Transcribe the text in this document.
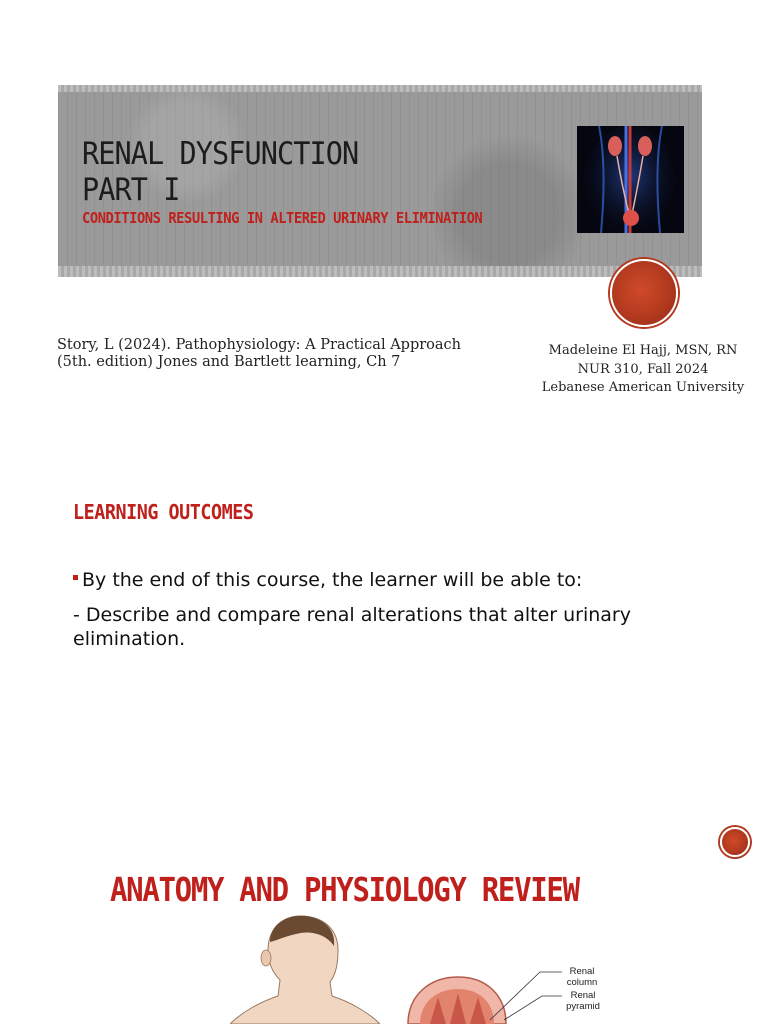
RENAL DYSFUNCTION
PART I
CONDITIONS RESULTING IN ALTERED URINARY ELIMINATION
Story, L (2024). Pathophysiology: A Practical Approach
(5th. edition) Jones and Bartlett learning, Ch 7
Madeleine El Hajj, MSN, RN
NUR 310, Fall 2024
Lebanese American University
LEARNING OUTCOMES
By the end of this course, the learner will be able to:
- Describe and compare renal alterations that alter urinary elimination.
ANATOMY AND PHYSIOLOGY REVIEW
Renal column
Renal pyramid
